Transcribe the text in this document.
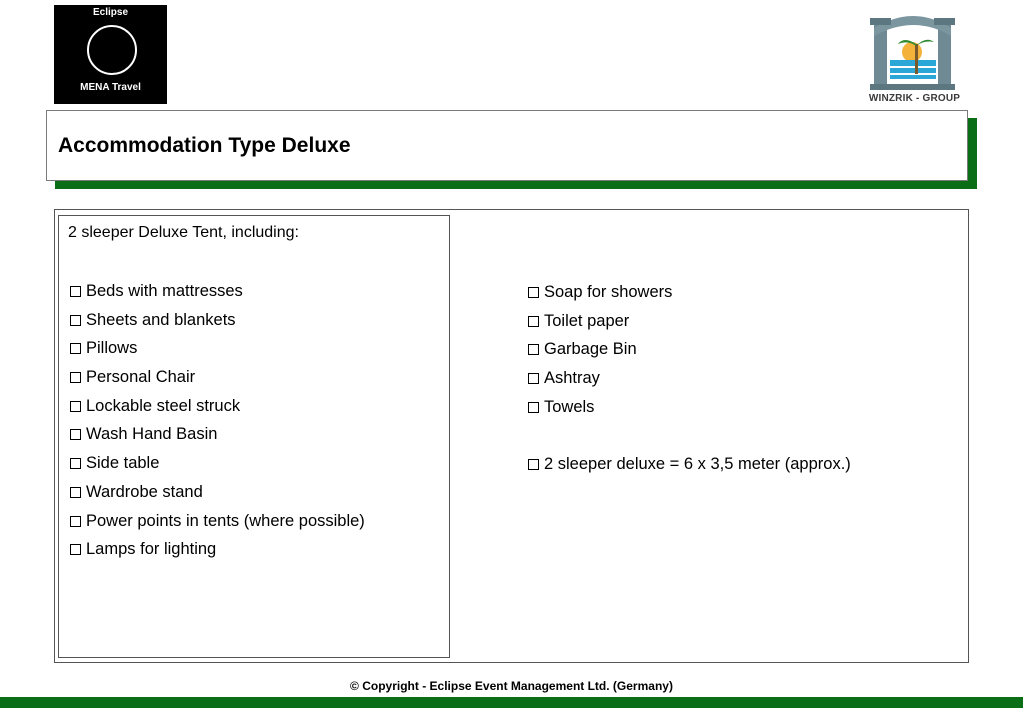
Eclipse
MENA Travel
WINZRIK - GROUP
Accommodation Type Deluxe
2 sleeper Deluxe Tent, including:
Beds with mattresses
Sheets and blankets
Pillows
Personal Chair
Lockable steel struck
Wash Hand Basin
Side table
Wardrobe stand
Power points in tents (where possible)
Lamps for lighting
Soap for showers
Toilet paper
Garbage Bin
Ashtray
Towels
2 sleeper deluxe = 6 x 3,5 meter (approx.)
© Copyright - Eclipse Event Management Ltd. (Germany)
